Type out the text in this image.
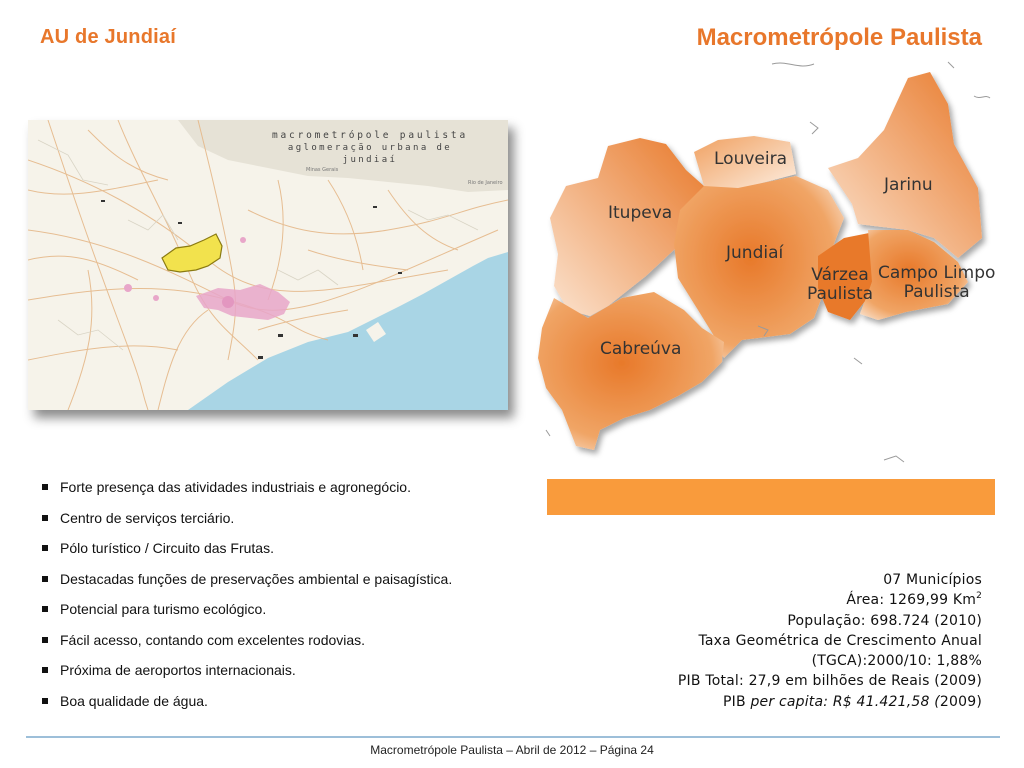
AU de Jundiaí	Macrometrópole Paulista
macrometrópole paulista
aglomeração urbana de jundiaí
Minas Gerais
Rio de Janeiro
Louveira
Jarinu
Itupeva
Jundiaí
Várzea
Paulista
Campo Limpo
Paulista
Cabreúva
Forte presença das atividades industriais e agronegócio.
Centro de serviços terciário.
Pólo turístico / Circuito das Frutas.
Destacadas funções de preservações ambiental e paisagística.
Potencial para turismo ecológico.
Fácil acesso, contando com excelentes rodovias.
Próxima de aeroportos internacionais.
Boa qualidade de água.
07 Municípios
Área: 1269,99 Km$^2$
População: 698.724 (2010)
Taxa Geométrica de Crescimento Anual
(TGCA):2000/10: 1,88%
PIB Total: 27,9 em bilhões de Reais (2009)
PIB per capita: R$ 41.421,58 (2009)
Macrometrópole Paulista – Abril de 2012 – Página 24
